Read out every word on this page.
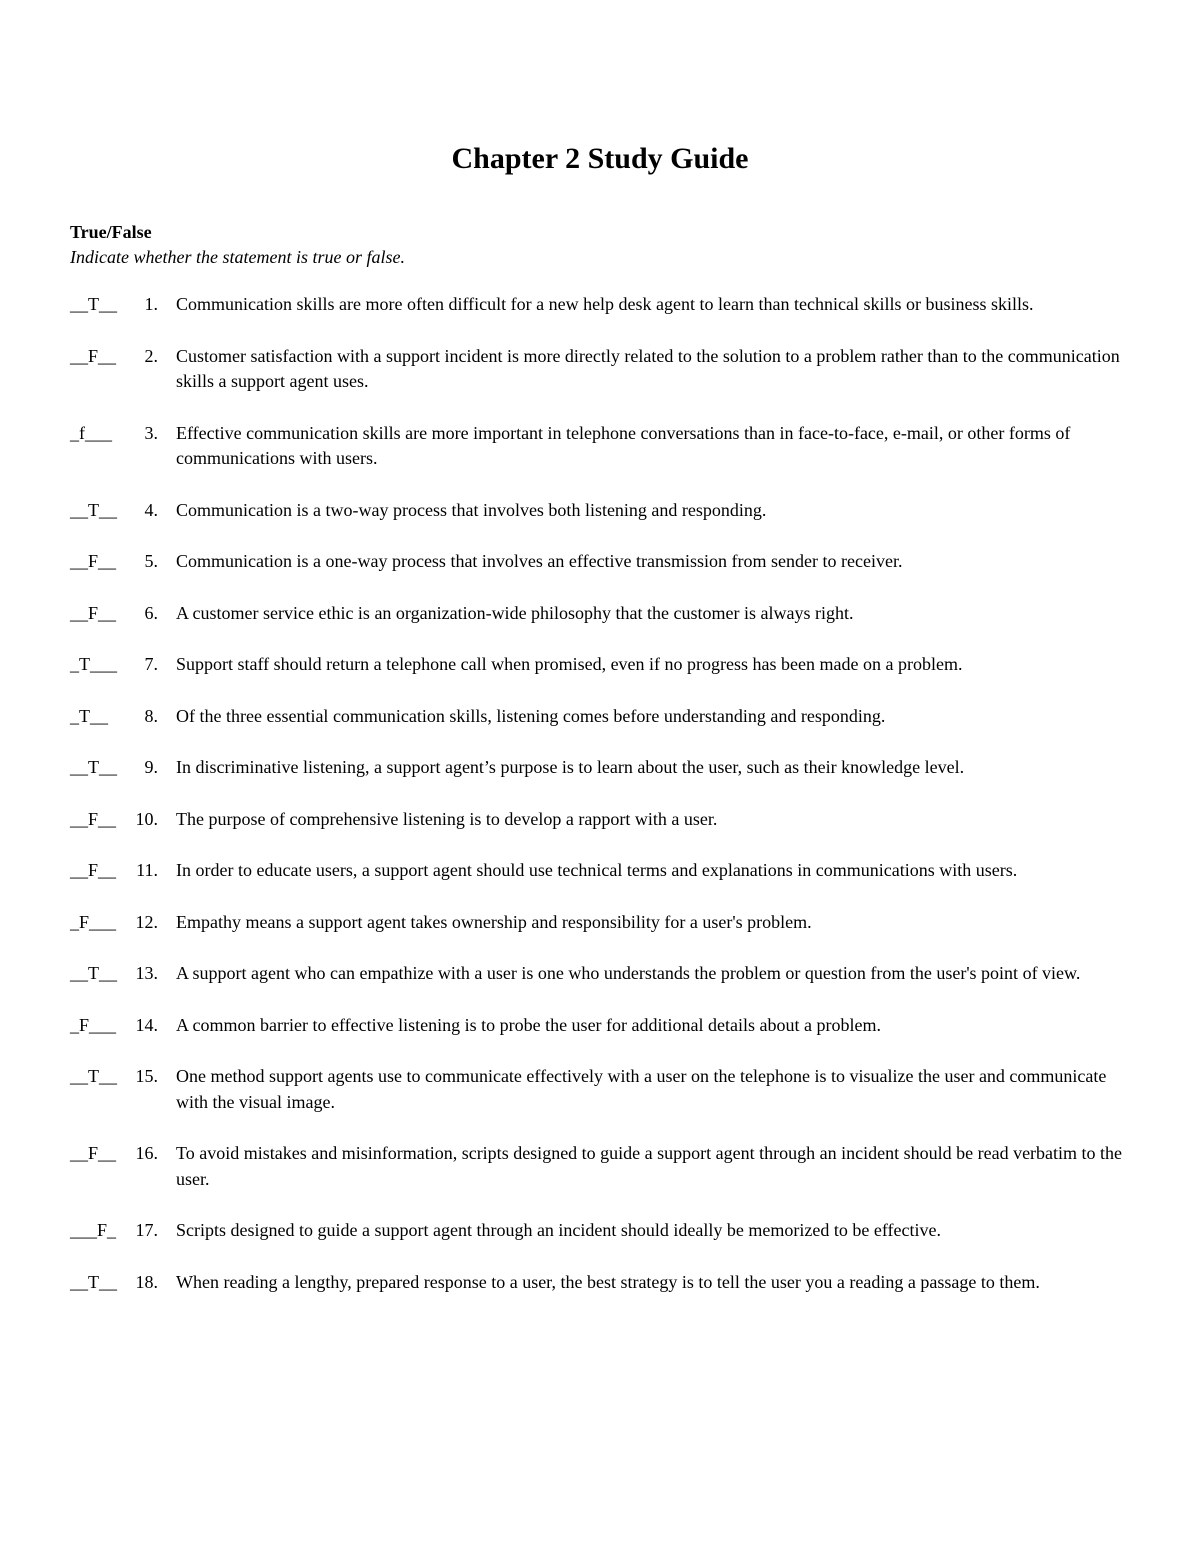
Chapter 2 Study Guide
True/False
Indicate whether the statement is true or false.
__T__	1. Communication skills are more often difficult for a new help desk agent to learn than technical skills or business skills.
__F__	2. Customer satisfaction with a support incident is more directly related to the solution to a problem rather than to the communication skills a support agent uses.
_f___	3. Effective communication skills are more important in telephone conversations than in face-to-face, e-mail, or other forms of communications with users.
__T__	4. Communication is a two-way process that involves both listening and responding.
__F__	5. Communication is a one-way process that involves an effective transmission from sender to receiver.
__F__	6. A customer service ethic is an organization-wide philosophy that the customer is always right.
_T___	7. Support staff should return a telephone call when promised, even if no progress has been made on a problem.
_T__	8. Of the three essential communication skills, listening comes before understanding and responding.
__T__	9. In discriminative listening, a support agent’s purpose is to learn about the user, such as their knowledge level.
__F__	10. The purpose of comprehensive listening is to develop a rapport with a user.
__F__	11. In order to educate users, a support agent should use technical terms and explanations in communications with users.
_F___	12. Empathy means a support agent takes ownership and responsibility for a user's problem.
__T__	13. A support agent who can empathize with a user is one who understands the problem or question from the user's point of view.
_F___	14. A common barrier to effective listening is to probe the user for additional details about a problem.
__T__	15. One method support agents use to communicate effectively with a user on the telephone is to visualize the user and communicate with the visual image.
__F__	16. To avoid mistakes and misinformation, scripts designed to guide a support agent through an incident should be read verbatim to the user.
___F_	17. Scripts designed to guide a support agent through an incident should ideally be memorized to be effective.
__T__	18. When reading a lengthy, prepared response to a user, the best strategy is to tell the user you a reading a passage to them.
